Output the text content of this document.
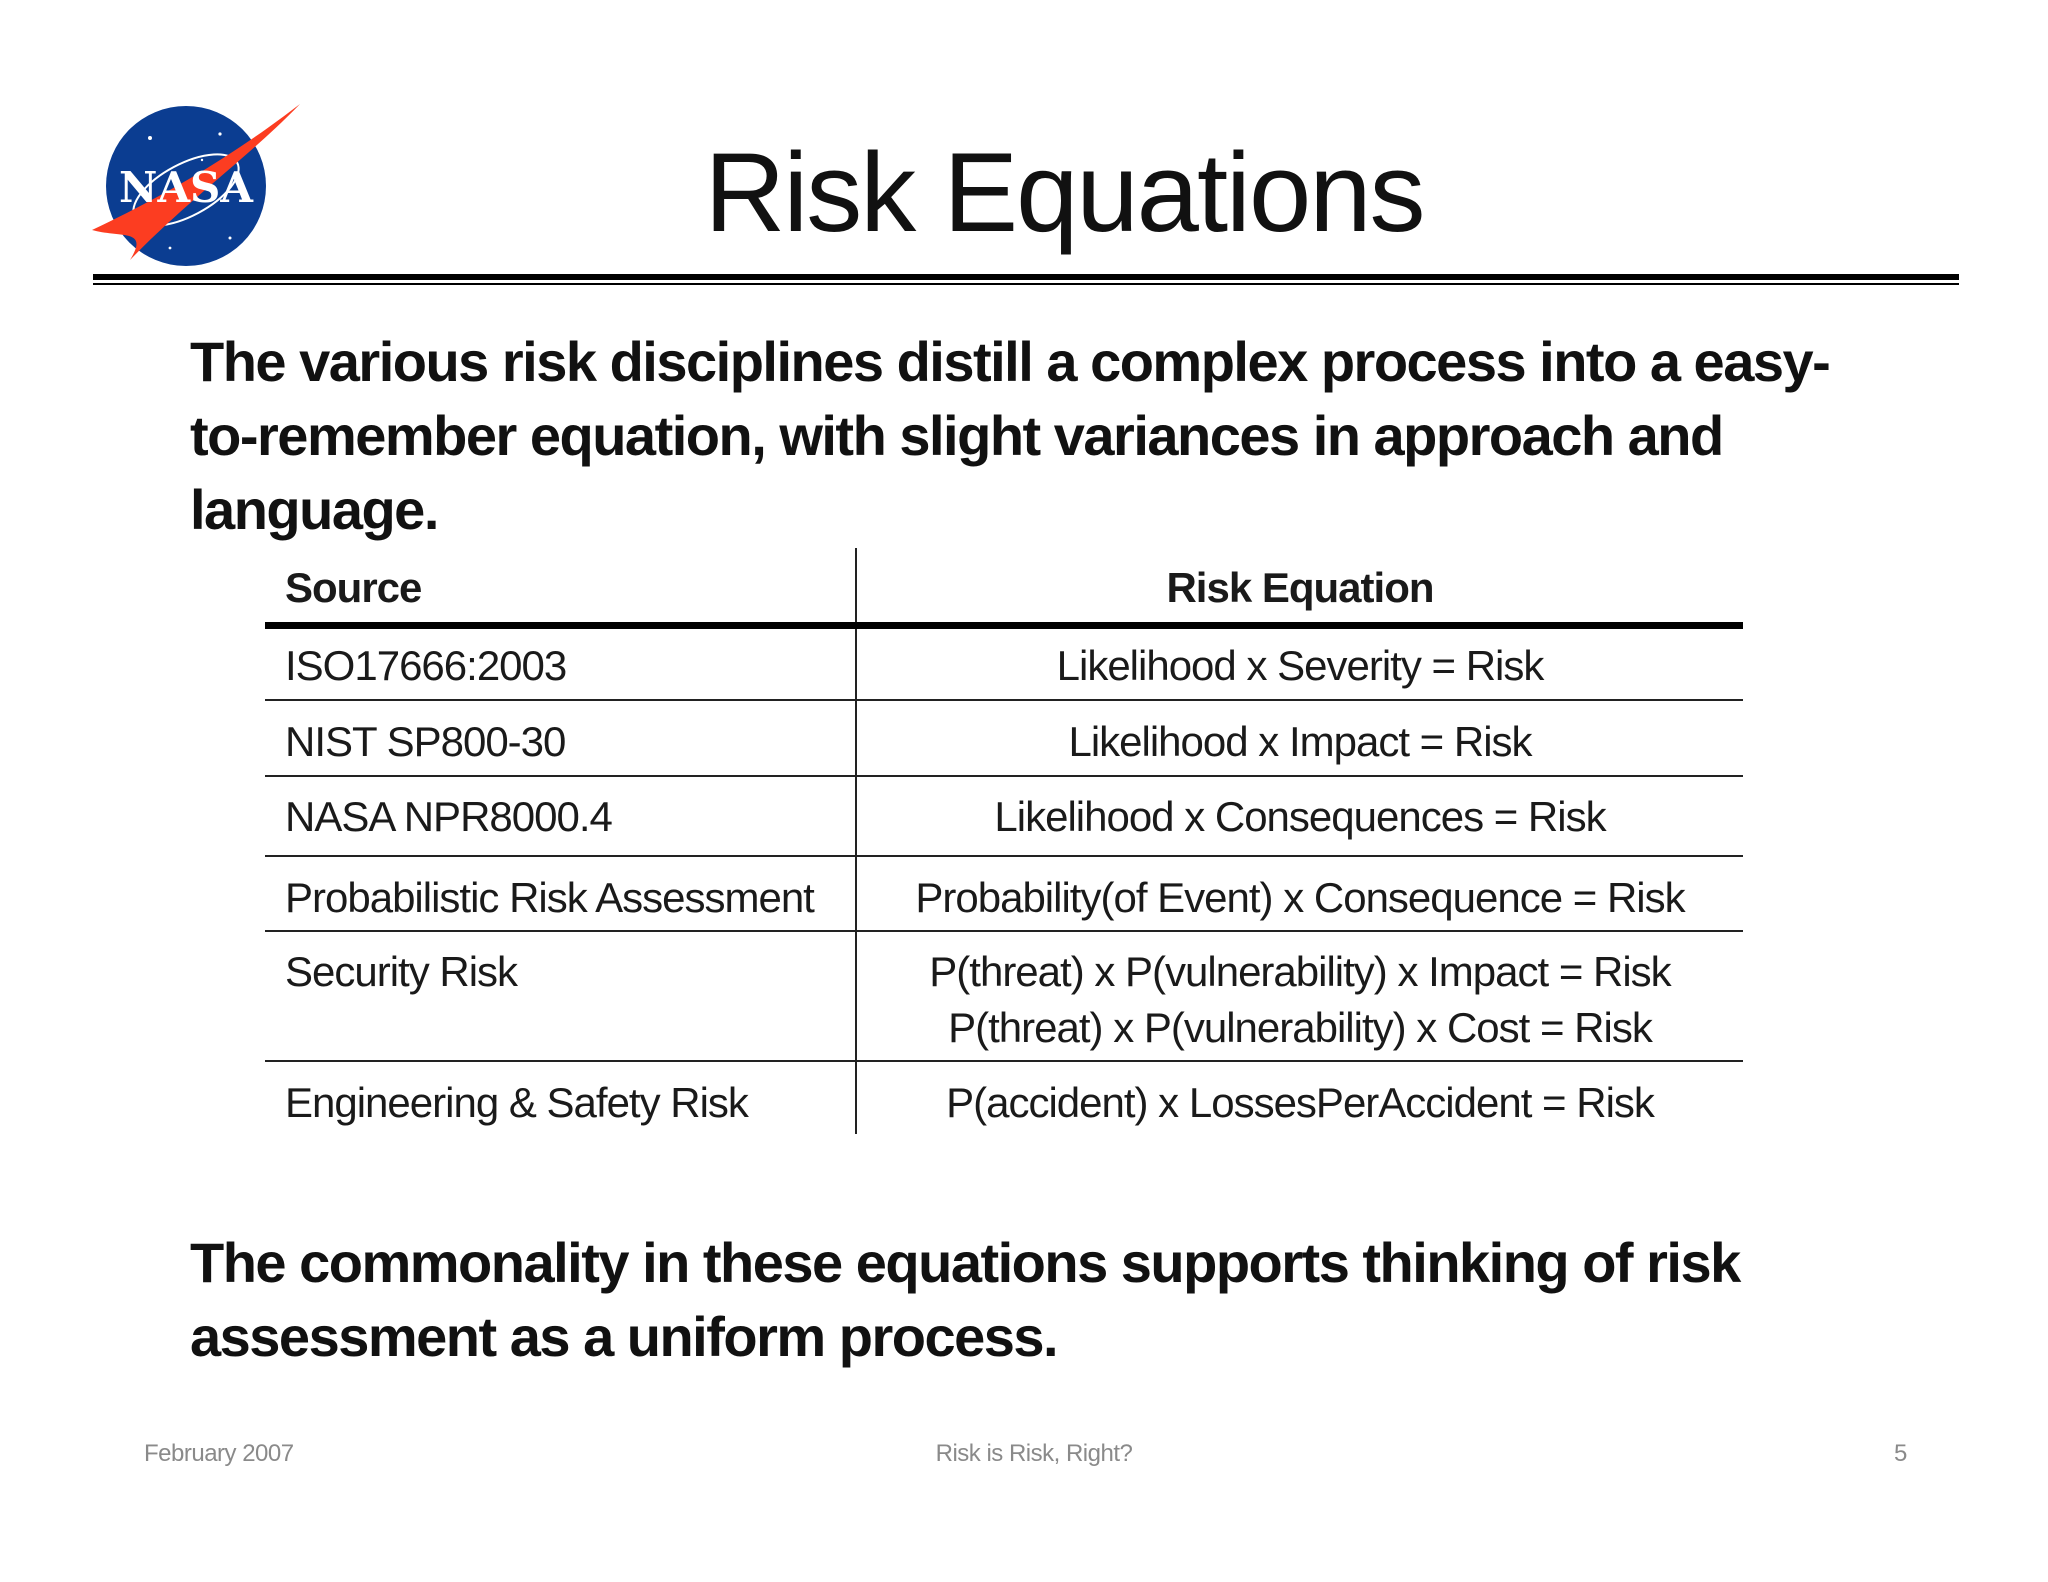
NASA	Risk Equations
The various risk disciplines distill a complex process into a easy-to-remember equation, with slight variances in approach and language.
Source	Risk Equation
ISO17666:2003	Likelihood x Severity = Risk
NIST SP800-30	Likelihood x Impact = Risk
NASA NPR8000.4	Likelihood x Consequences = Risk
Probabilistic Risk Assessment	Probability(of Event) x Consequence = Risk
Security Risk	P(threat) x P(vulnerability) x Impact = Risk
P(threat) x P(vulnerability) x Cost = Risk
Engineering & Safety Risk	P(accident) x LossesPerAccident = Risk
The commonality in these equations supports thinking of risk assessment as a uniform process.
February 2007	Risk is Risk, Right?	5
